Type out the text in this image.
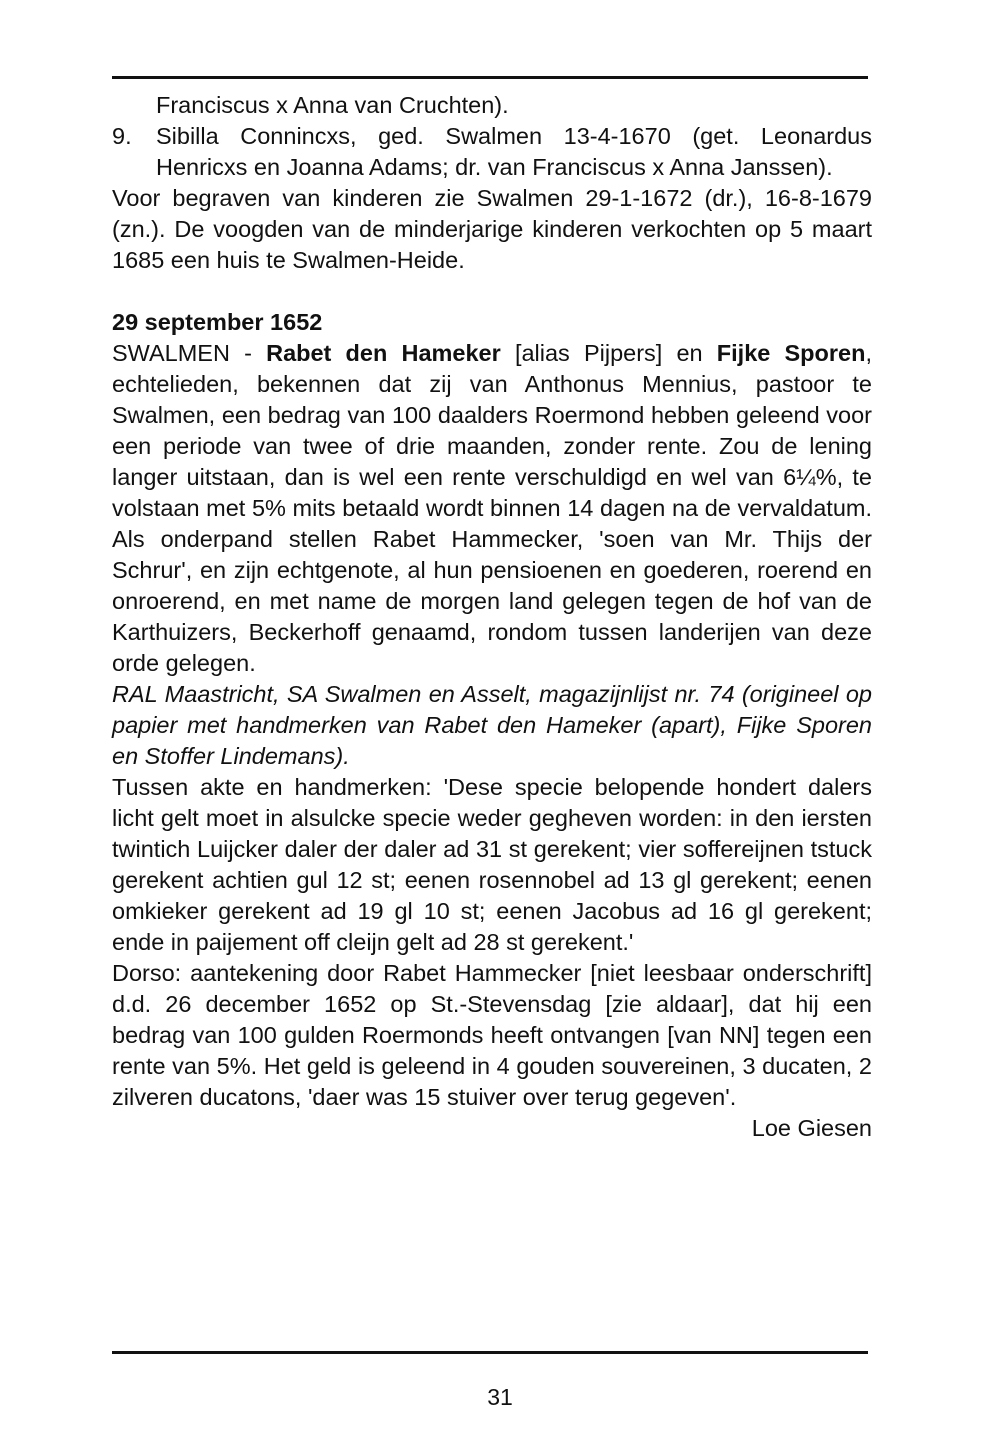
Franciscus x Anna van Cruchten).

9. Sibilla Connincxs, ged. Swalmen 13-4-1670 (get. Leonardus Henricxs en Joanna Adams; dr. van Franciscus x Anna Janssen).

Voor begraven van kinderen zie Swalmen 29-1-1672 (dr.), 16-8-1679 (zn.). De voogden van de minderjarige kinderen verkochten op 5 maart 1685 een huis te Swalmen-Heide.

29 september 1652

SWALMEN - Rabet den Hameker [alias Pijpers] en Fijke Sporen, echtelieden, bekennen dat zij van Anthonus Mennius, pastoor te Swalmen, een bedrag van 100 daalders Roermond hebben geleend voor een periode van twee of drie maanden, zonder rente. Zou de lening langer uitstaan, dan is wel een rente verschuldigd en wel van 6¼%, te volstaan met 5% mits betaald wordt binnen 14 dagen na de vervaldatum. Als onderpand stellen Rabet Hammecker, 'soen van Mr. Thijs der Schrur', en zijn echtgenote, al hun pensioenen en goederen, roerend en onroerend, en met name de morgen land gelegen tegen de hof van de Karthuizers, Beckerhoff genaamd, rondom tussen landerijen van deze orde gelegen.

RAL Maastricht, SA Swalmen en Asselt, magazijnlijst nr. 74 (origineel op papier met handmerken van Rabet den Hameker (apart), Fijke Sporen en Stoffer Lindemans).

Tussen akte en handmerken: 'Dese specie belopende hondert dalers licht gelt moet in alsulcke specie weder gegheven worden: in den iersten twintich Luijcker daler der daler ad 31 st gerekent; vier soffereijnen tstuck gerekent achtien gul 12 st; eenen rosennobel ad 13 gl gerekent; eenen omkieker gerekent ad 19 gl 10 st; eenen Jacobus ad 16 gl gerekent; ende in paijement off cleijn gelt ad 28 st gerekent.'

Dorso: aantekening door Rabet Hammecker [niet leesbaar onderschrift] d.d. 26 december 1652 op St.-Stevensdag [zie aldaar], dat hij een bedrag van 100 gulden Roermonds heeft ontvangen [van NN] tegen een rente van 5%. Het geld is geleend in 4 gouden souvereinen, 3 ducaten, 2 zilveren ducatons, 'daer was 15 stuiver over terug gegeven'.

Loe Giesen

31
